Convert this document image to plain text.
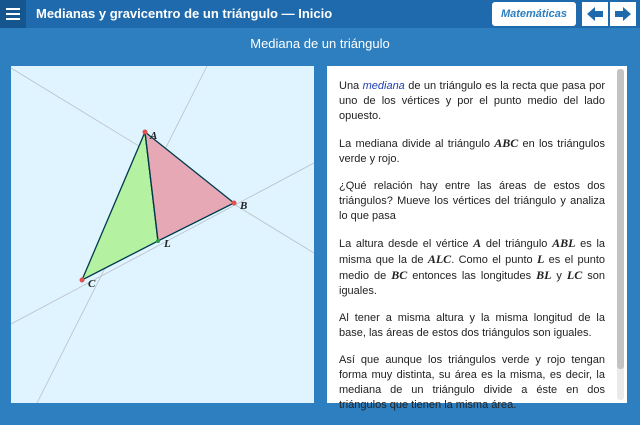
Medianas y gravicentro de un triángulo — Inicio	Matemáticas
Mediana de un triángulo
A
B
C
L

Una mediana de un triángulo es la recta que pasa por uno de los vértices y por el punto medio del lado opuesto.

La mediana divide al triángulo ABC en los triángulos verde y rojo.

¿Qué relación hay entre las áreas de estos dos triángulos? Mueve los vértices del triángulo y analiza lo que pasa

La altura desde el vértice A del triángulo ABL es la misma que la de ALC. Como el punto L es el punto medio de BC entonces las longitudes BL y LC son iguales.

Al tener a misma altura y la misma longitud de la base, las áreas de estos dos triángulos son iguales.

Así que aunque los triángulos verde y rojo tengan forma muy distinta, su área es la misma, es decir, la mediana de un triángulo divide a éste en dos triángulos que tienen la misma área.
